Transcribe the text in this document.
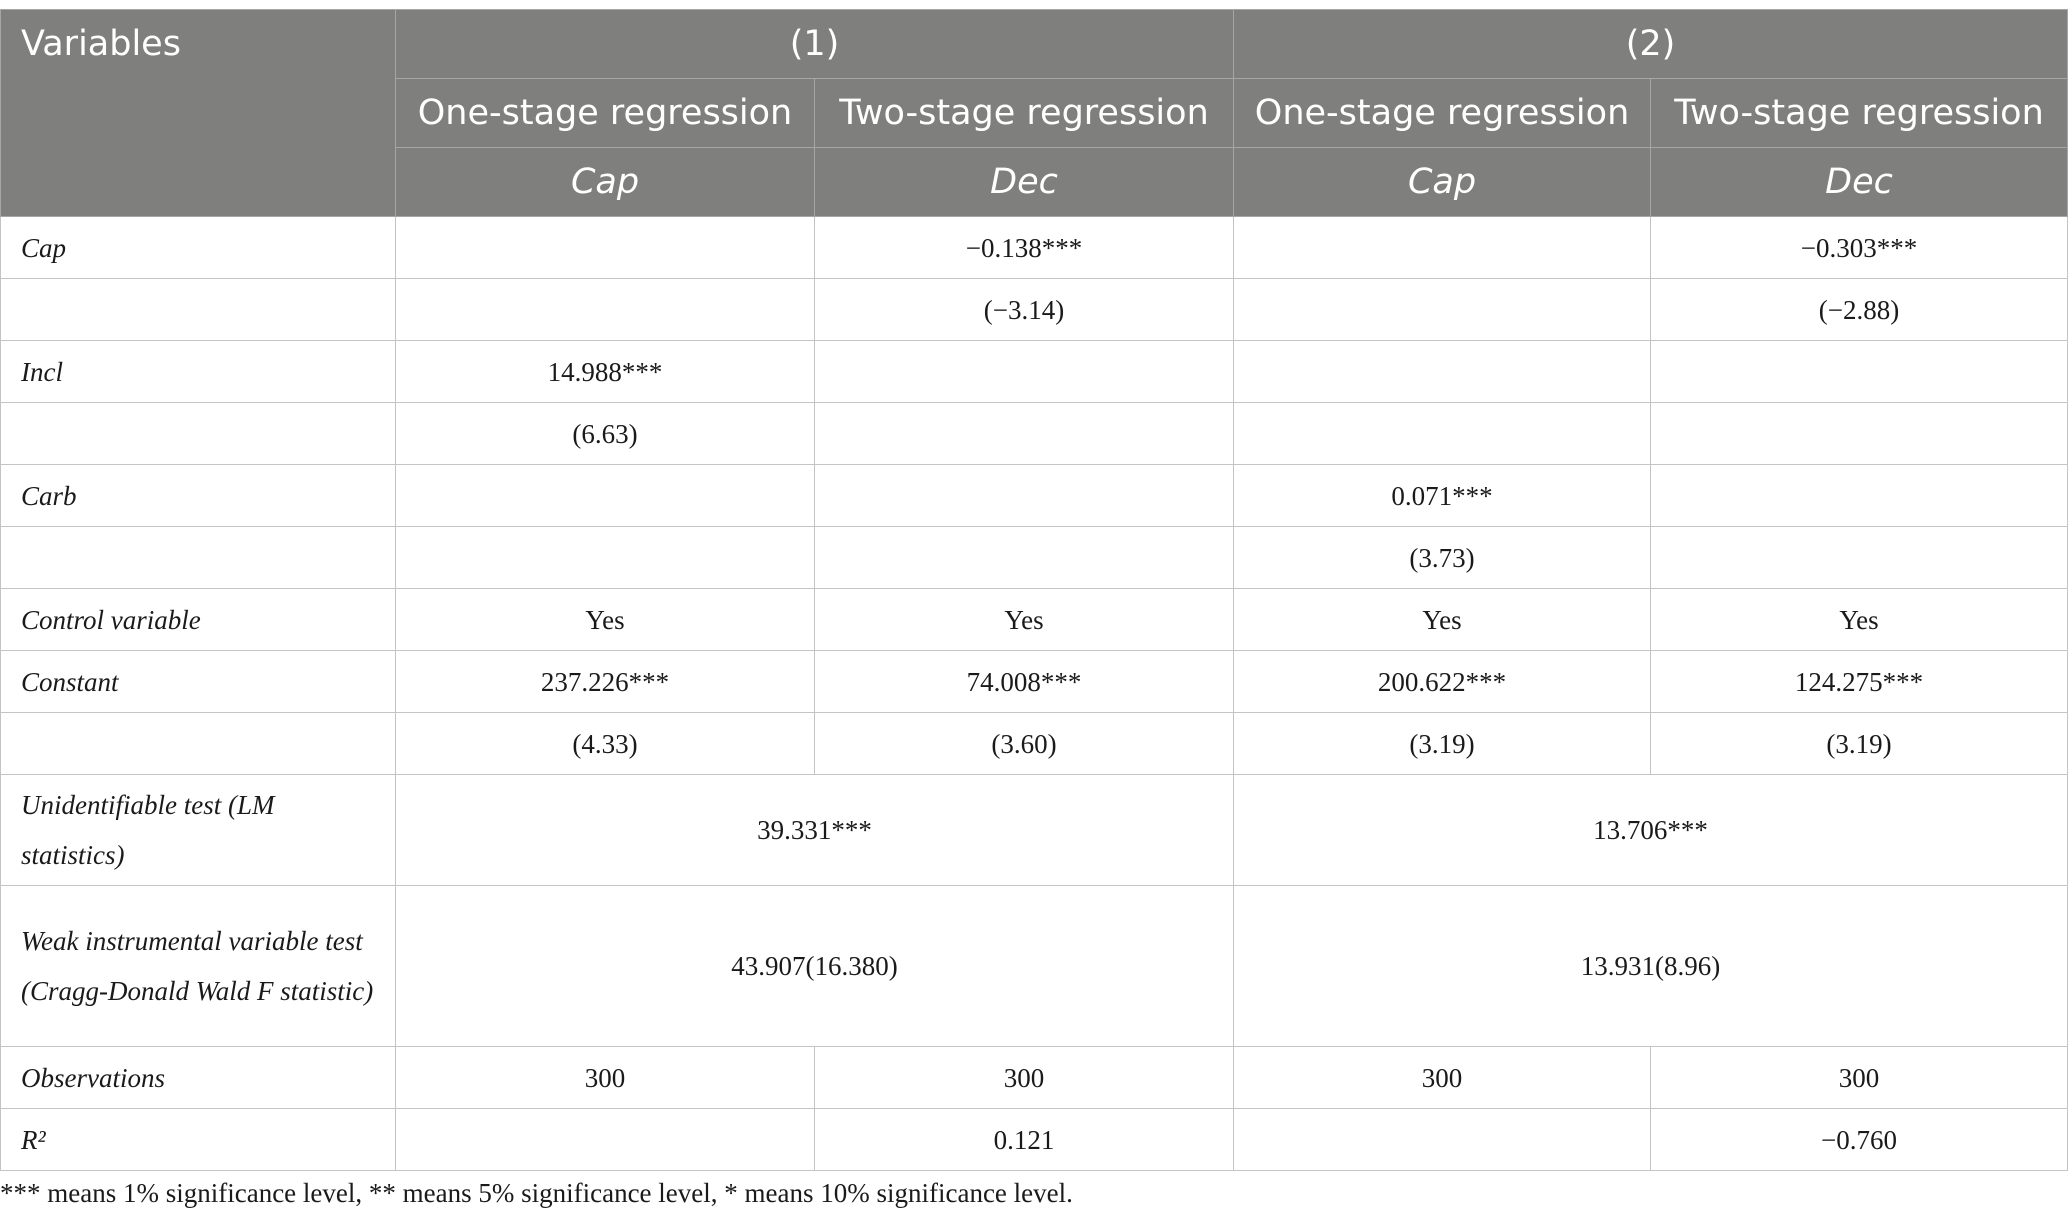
Variables	(1)		(2)	
	One-stage regression	Two-stage regression	One-stage regression	Two-stage regression
	Cap	Dec	Cap	Dec
Cap		−0.138***		−0.303***
		(−3.14)		(−2.88)
Incl	14.988***			
	(6.63)			
Carb			0.071***	
			(3.73)	
Control variable	Yes	Yes	Yes	Yes
Constant	237.226***	74.008***	200.622***	124.275***
	(4.33)	(3.60)	(3.19)	(3.19)
Unidentifiable test (LM statistics)	39.331***		13.706***	
Weak instrumental variable test (Cragg-Donald Wald F statistic)	43.907(16.380)		13.931(8.96)	
Observations	300	300	300	300
R²		0.121		−0.760
*** means 1% significance level, ** means 5% significance level, * means 10% significance level.
